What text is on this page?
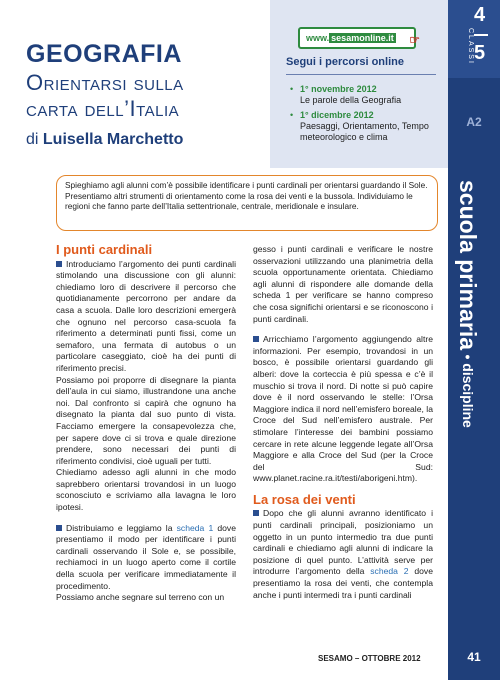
GEOGRAFIA
Orientarsi sulla
carta dell’Italia
di Luisella Marchetto
www. sesamonline.it ☞
Segui i percorsi online
• 1° novembre 2012
Le parole della Geografia
• 1° dicembre 2012
Paesaggi, Orientamento, Tempo meteorologico e clima
CLASSI
4
5
A2
scuola primaria • discipline
41
Spieghiamo agli alunni com’è possibile identificare i punti cardinali per orientarsi guardando il Sole. Presentiamo altri strumenti di orientamento come la rosa dei venti e la bussola. Individuiamo le regioni che fanno parte dell’Italia settentrionale, centrale, meridionale e insulare.
I punti cardinali

Introduciamo l’argomento dei punti cardinali stimolando una discussione con gli alunni: chiediamo loro di descrivere il percorso che quotidianamente percorrono per andare da casa a scuola. Dalle loro descrizioni emergerà che ognuno nel percorso casa-scuola fa riferimento a determinati punti fissi, come un semaforo, una fermata di autobus o un particolare caseggiato, cioè ha dei punti di riferimento precisi.

Possiamo poi proporre di disegnare la pianta dell’aula in cui siamo, illustrandone una anche noi. Dal confronto si capirà che ognuno ha disegnato la pianta dal suo punto di vista. Facciamo emergere la consapevolezza che, per sapere dove ci si trova e quale direzione prendere, sono necessari dei punti di riferimento condivisi, cioè uguali per tutti.

Chiediamo adesso agli alunni in che modo saprebbero orientarsi trovandosi in un luogo sconosciuto e scriviamo alla lavagna le loro ipotesi.

Distribuiamo e leggiamo la scheda 1 dove presentiamo il modo per identificare i punti cardinali osservando il Sole e, se possibile, rechiamoci in un luogo aperto come il cortile della scuola per verificare immediatamente il procedimento.

Possiamo anche segnare sul terreno con un

gesso i punti cardinali e verificare le nostre osservazioni utilizzando una planimetria della scuola opportunamente orientata. Chiediamo agli alunni di rispondere alle domande della scheda 1 per verificare se hanno compreso che cosa significhi orientarsi e se riconoscono i punti cardinali.

Arricchiamo l’argomento aggiungendo altre informazioni. Per esempio, trovandosi in un bosco, è possibile orientarsi guardando gli alberi: dove la corteccia è più spessa e c’è il muschio si trova il nord. Di notte si può capire dove è il nord osservando le stelle: l’Orsa Maggiore indica il nord nell’emisfero boreale, la Croce del Sud nell’emisfero australe. Per stimolare l’interesse dei bambini possiamo cercare in rete alcune leggende legate all’Orsa Maggiore e alla Croce del Sud (per la Croce del Sud: www.planet.racine.ra.it/testi/aborigeni.htm).

La rosa dei venti

Dopo che gli alunni avranno identificato i punti cardinali principali, posizioniamo un oggetto in un punto intermedio tra due punti cardinali e chiediamo agli alunni di indicare la posizione di quel punto. L’attività serve per introdurre l’argomento della scheda 2 dove presentiamo la rosa dei venti, che contempla anche i punti intermedi tra i punti cardinali

SESAMO – OTTOBRE 2012
